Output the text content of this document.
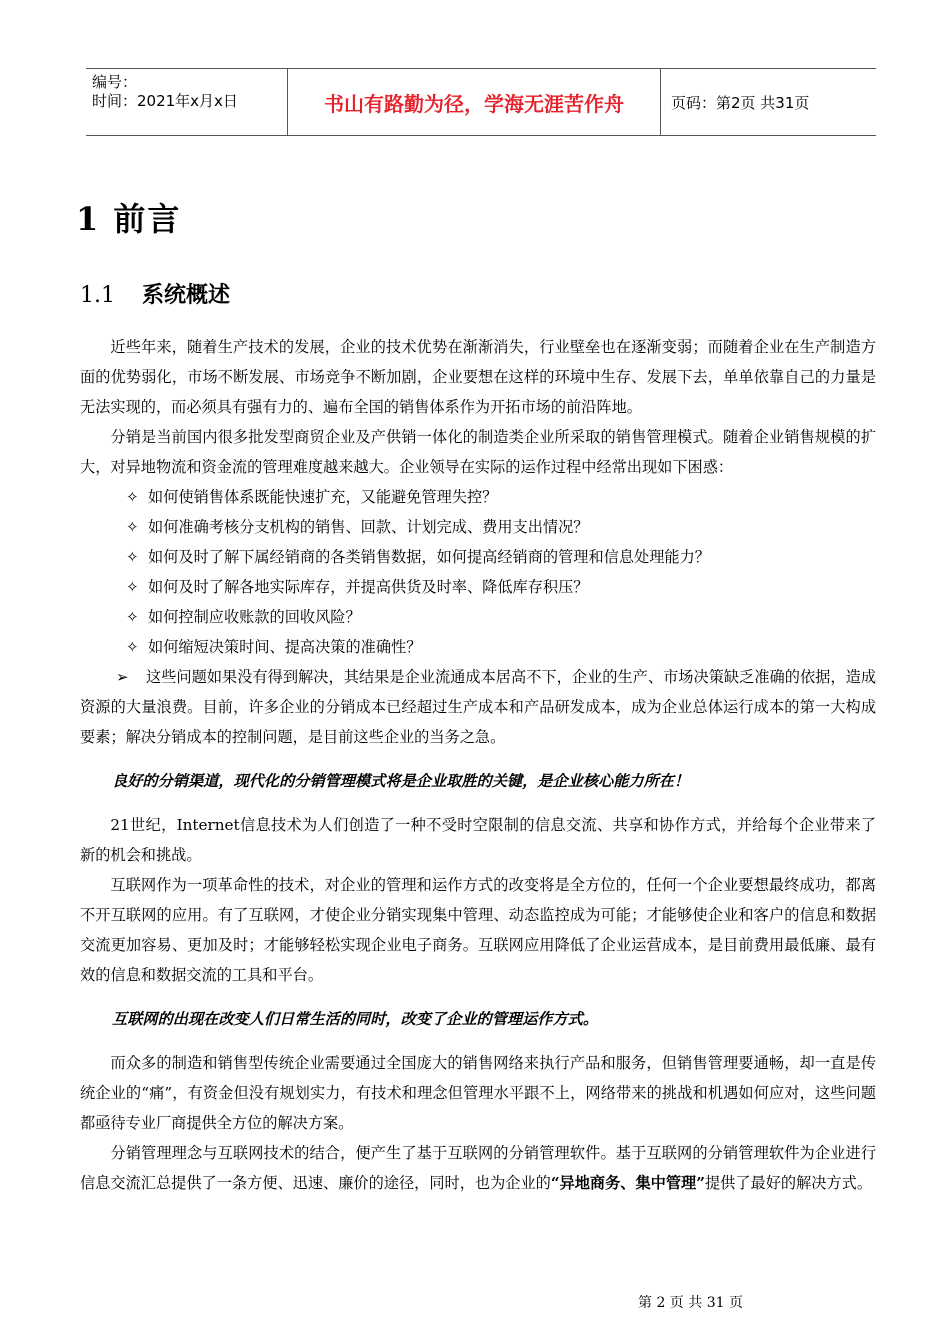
编号：
时间：2021年x月x日	书山有路勤为径，学海无涯苦作舟	页码：第2页 共31页
1 前言
1.1 系统概述

近些年来，随着生产技术的发展，企业的技术优势在渐渐消失，行业壁垒也在逐渐变弱；而随着企业在生产制造方面的优势弱化，市场不断发展、市场竞争不断加剧，企业要想在这样的环境中生存、发展下去，单单依靠自己的力量是无法实现的，而必须具有强有力的、遍布全国的销售体系作为开拓市场的前沿阵地。

分销是当前国内很多批发型商贸企业及产供销一体化的制造类企业所采取的销售管理模式。随着企业销售规模的扩大，对异地物流和资金流的管理难度越来越大。企业领导在实际的运作过程中经常出现如下困惑：

✧ 如何使销售体系既能快速扩充，又能避免管理失控？
✧ 如何准确考核分支机构的销售、回款、计划完成、费用支出情况？
✧ 如何及时了解下属经销商的各类销售数据，如何提高经销商的管理和信息处理能力？
✧ 如何及时了解各地实际库存，并提高供货及时率、降低库存积压？
✧ 如何控制应收账款的回收风险？
✧ 如何缩短决策时间、提高决策的准确性？

➢ 这些问题如果没有得到解决，其结果是企业流通成本居高不下，企业的生产、市场决策缺乏准确的依据，造成资源的大量浪费。目前，许多企业的分销成本已经超过生产成本和产品研发成本，成为企业总体运行成本的第一大构成要素；解决分销成本的控制问题，是目前这些企业的当务之急。

良好的分销渠道，现代化的分销管理模式将是企业取胜的关键，是企业核心能力所在！

21世纪，Internet信息技术为人们创造了一种不受时空限制的信息交流、共享和协作方式，并给每个企业带来了新的机会和挑战。

互联网作为一项革命性的技术，对企业的管理和运作方式的改变将是全方位的，任何一个企业要想最终成功，都离不开互联网的应用。有了互联网，才使企业分销实现集中管理、动态监控成为可能；才能够使企业和客户的信息和数据交流更加容易、更加及时；才能够轻松实现企业电子商务。互联网应用降低了企业运营成本，是目前费用最低廉、最有效的信息和数据交流的工具和平台。

互联网的出现在改变人们日常生活的同时，改变了企业的管理运作方式。

而众多的制造和销售型传统企业需要通过全国庞大的销售网络来执行产品和服务，但销售管理要通畅，却一直是传统企业的“痛”，有资金但没有规划实力，有技术和理念但管理水平跟不上，网络带来的挑战和机遇如何应对，这些问题都亟待专业厂商提供全方位的解决方案。

分销管理理念与互联网技术的结合，便产生了基于互联网的分销管理软件。基于互联网的分销管理软件为企业进行信息交流汇总提供了一条方便、迅速、廉价的途径，同时，也为企业的“异地商务、集中管理”提供了最好的解决方式。

第 2 页 共 31 页
